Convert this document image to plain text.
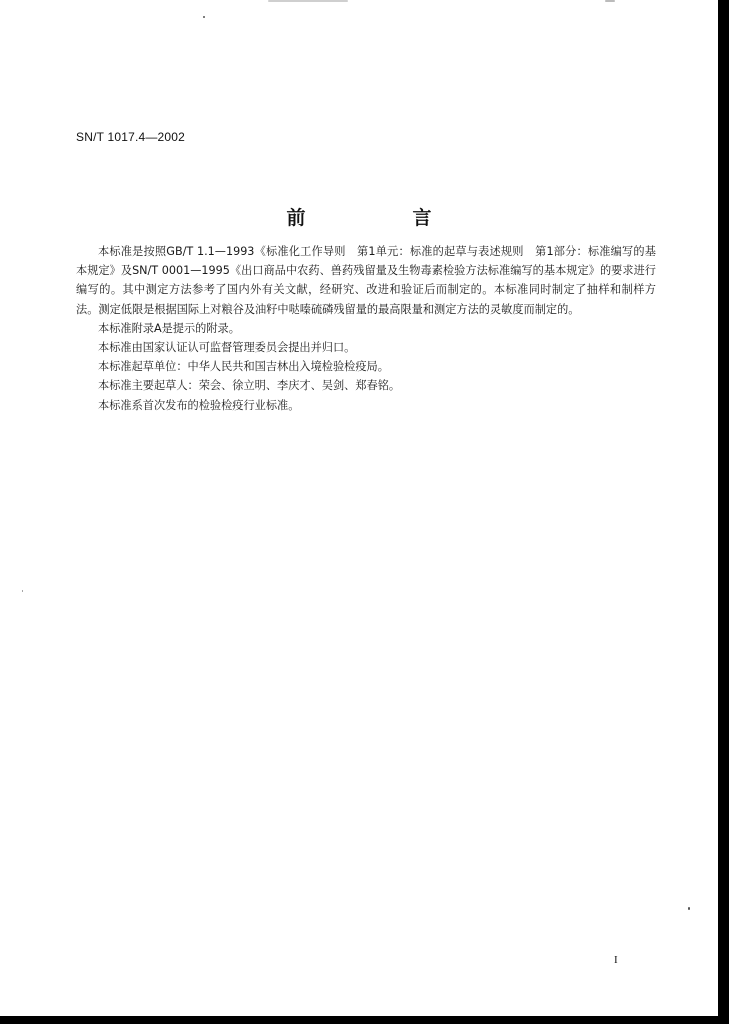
SN/T 1017.4—2002
前　言

本标准是按照GB/T 1.1—1993《标准化工作导则　第1单元：标准的起草与表述规则　第1部分：标准编写的基本规定》及SN/T 0001—1995《出口商品中农药、兽药残留量及生物毒素检验方法标准编写的基本规定》的要求进行编写的。其中测定方法参考了国内外有关文献，经研究、改进和验证后而制定的。本标准同时制定了抽样和制样方法。测定低限是根据国际上对粮谷及油籽中哒嗪硫磷残留量的最高限量和测定方法的灵敏度而制定的。

本标准附录A是提示的附录。

本标准由国家认证认可监督管理委员会提出并归口。

本标准起草单位：中华人民共和国吉林出入境检验检疫局。

本标准主要起草人：荣会、徐立明、李庆才、吴剑、郑春铭。

本标准系首次发布的检验检疫行业标准。

I
